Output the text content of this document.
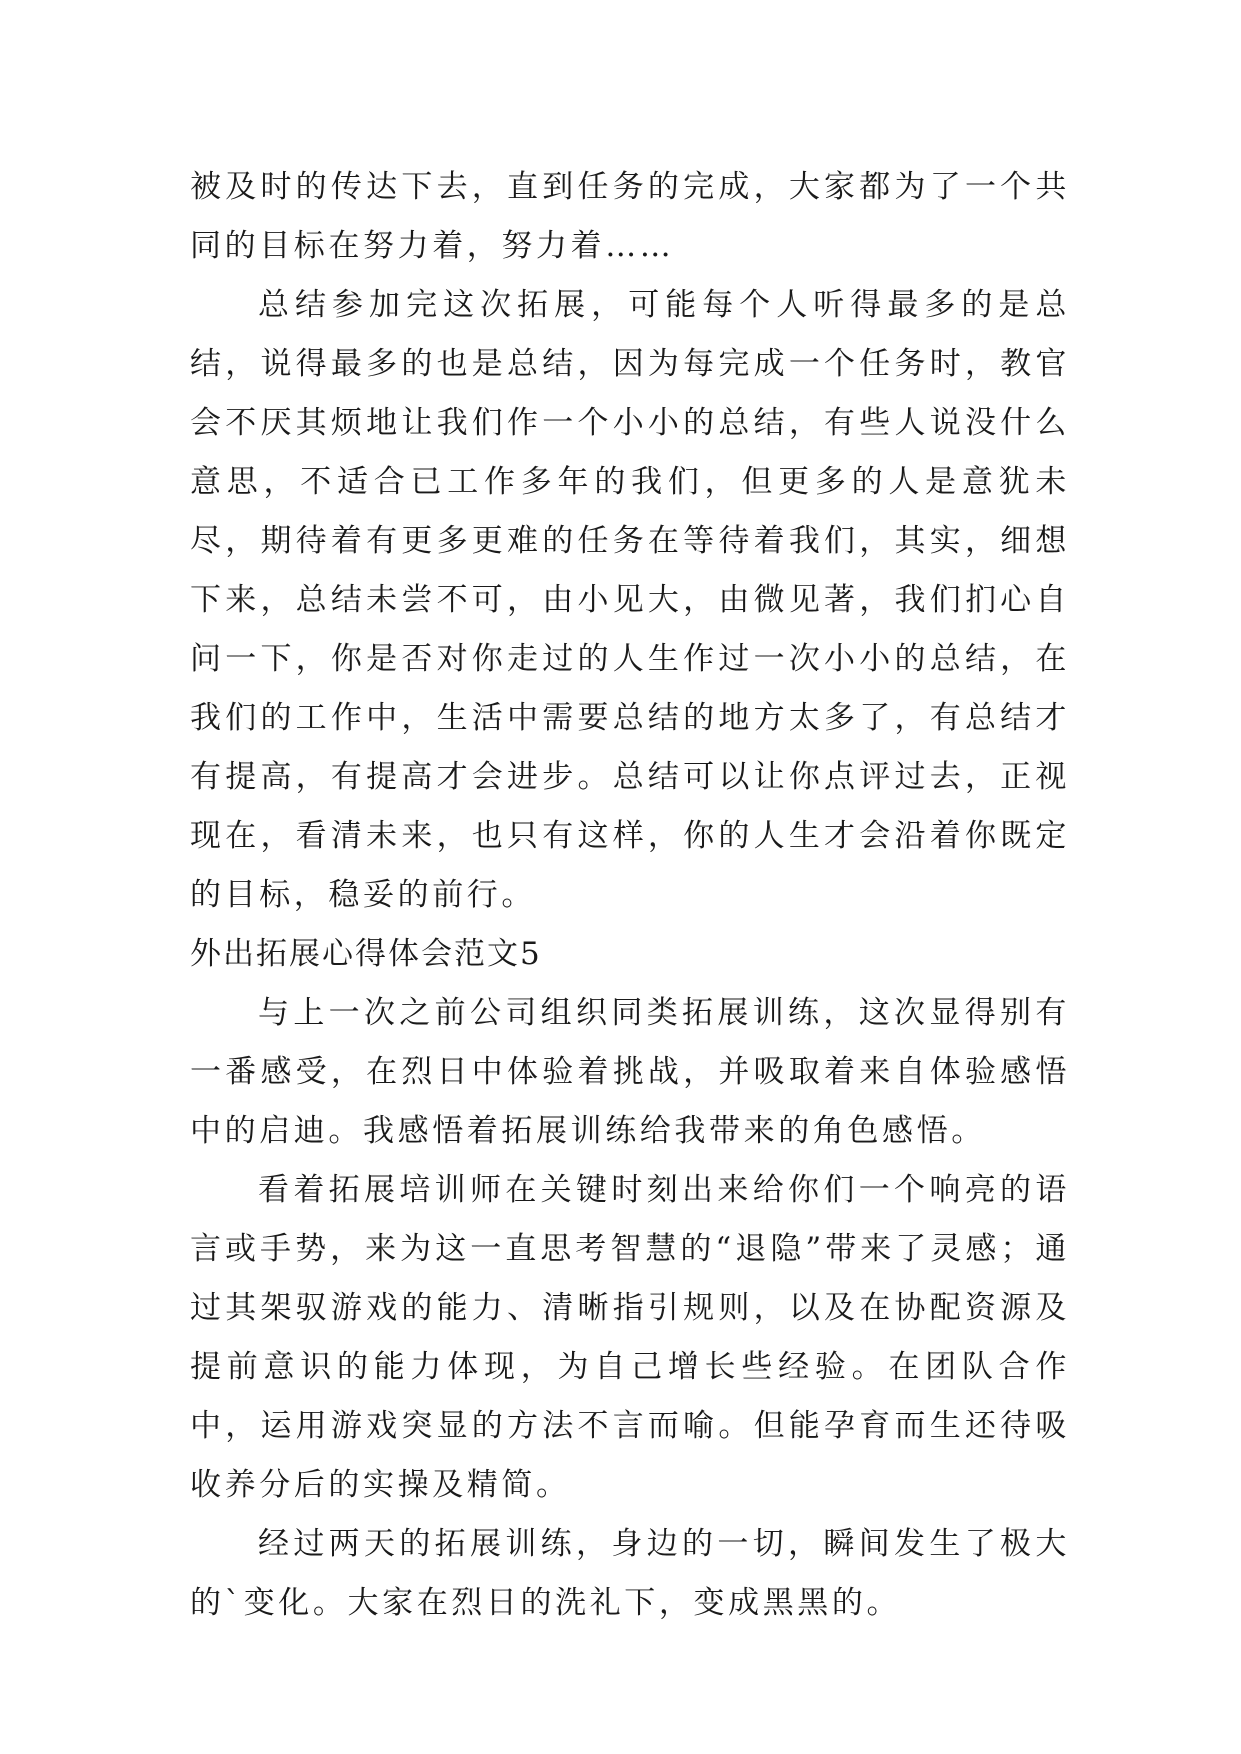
被及时的传达下去，直到任务的完成，大家都为了一个共同的目标在努力着，努力着……

总结参加完这次拓展，可能每个人听得最多的是总结，说得最多的也是总结，因为每完成一个任务时，教官会不厌其烦地让我们作一个小小的总结，有些人说没什么意思，不适合已工作多年的我们，但更多的人是意犹未尽，期待着有更多更难的任务在等待着我们，其实，细想下来，总结未尝不可，由小见大，由微见著，我们扪心自问一下，你是否对你走过的人生作过一次小小的总结，在我们的工作中，生活中需要总结的地方太多了，有总结才有提高，有提高才会进步。总结可以让你点评过去，正视现在，看清未来，也只有这样，你的人生才会沿着你既定的目标，稳妥的前行。

外出拓展心得体会范文5

与上一次之前公司组织同类拓展训练，这次显得别有一番感受，在烈日中体验着挑战，并吸取着来自体验感悟中的启迪。我感悟着拓展训练给我带来的角色感悟。

看着拓展培训师在关键时刻出来给你们一个响亮的语言或手势，来为这一直思考智慧的“退隐”带来了灵感；通过其架驭游戏的能力、清晰指引规则，以及在协配资源及提前意识的能力体现，为自己增长些经验。在团队合作中，运用游戏突显的方法不言而喻。但能孕育而生还待吸收养分后的实操及精简。

经过两天的拓展训练，身边的一切，瞬间发生了极大的`变化。大家在烈日的洗礼下，变成黑黑的。
